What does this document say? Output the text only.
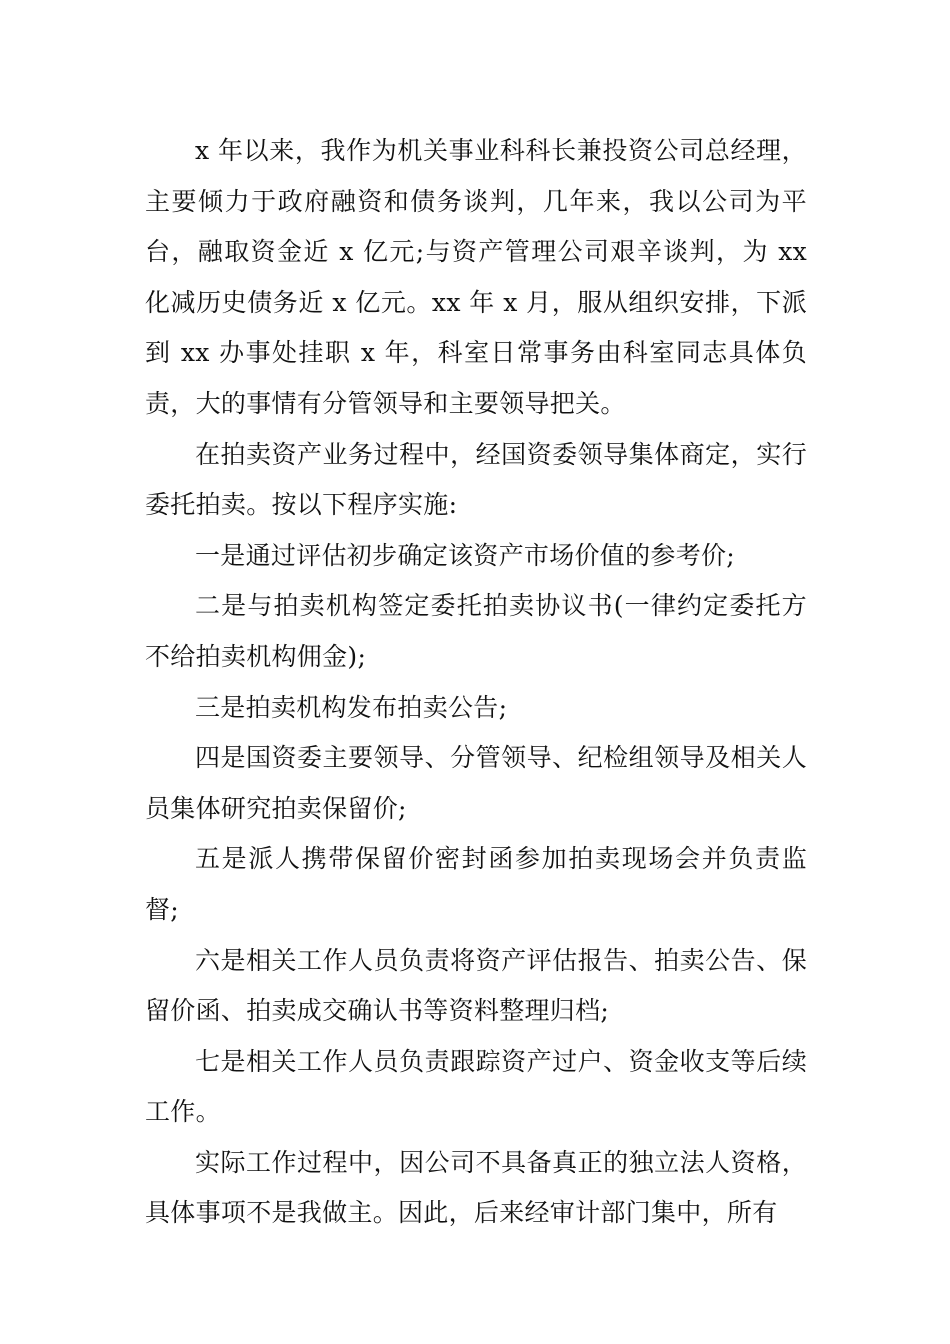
x 年以来，我作为机关事业科科长兼投资公司总经理，主要倾力于政府融资和债务谈判，几年来，我以公司为平台，融取资金近 x 亿元;与资产管理公司艰辛谈判，为 xx 化减历史债务近 x 亿元。xx 年 x 月，服从组织安排，下派到 xx 办事处挂职 x 年，科室日常事务由科室同志具体负责，大的事情有分管领导和主要领导把关。

在拍卖资产业务过程中，经国资委领导集体商定，实行委托拍卖。按以下程序实施:

一是通过评估初步确定该资产市场价值的参考价;

二是与拍卖机构签定委托拍卖协议书(一律约定委托方不给拍卖机构佣金);

三是拍卖机构发布拍卖公告;

四是国资委主要领导、分管领导、纪检组领导及相关人员集体研究拍卖保留价;

五是派人携带保留价密封函参加拍卖现场会并负责监督;

六是相关工作人员负责将资产评估报告、拍卖公告、保留价函、拍卖成交确认书等资料整理归档;

七是相关工作人员负责跟踪资产过户、资金收支等后续工作。

实际工作过程中，因公司不具备真正的独立法人资格，具体事项不是我做主。因此，后来经审计部门集中，所有
